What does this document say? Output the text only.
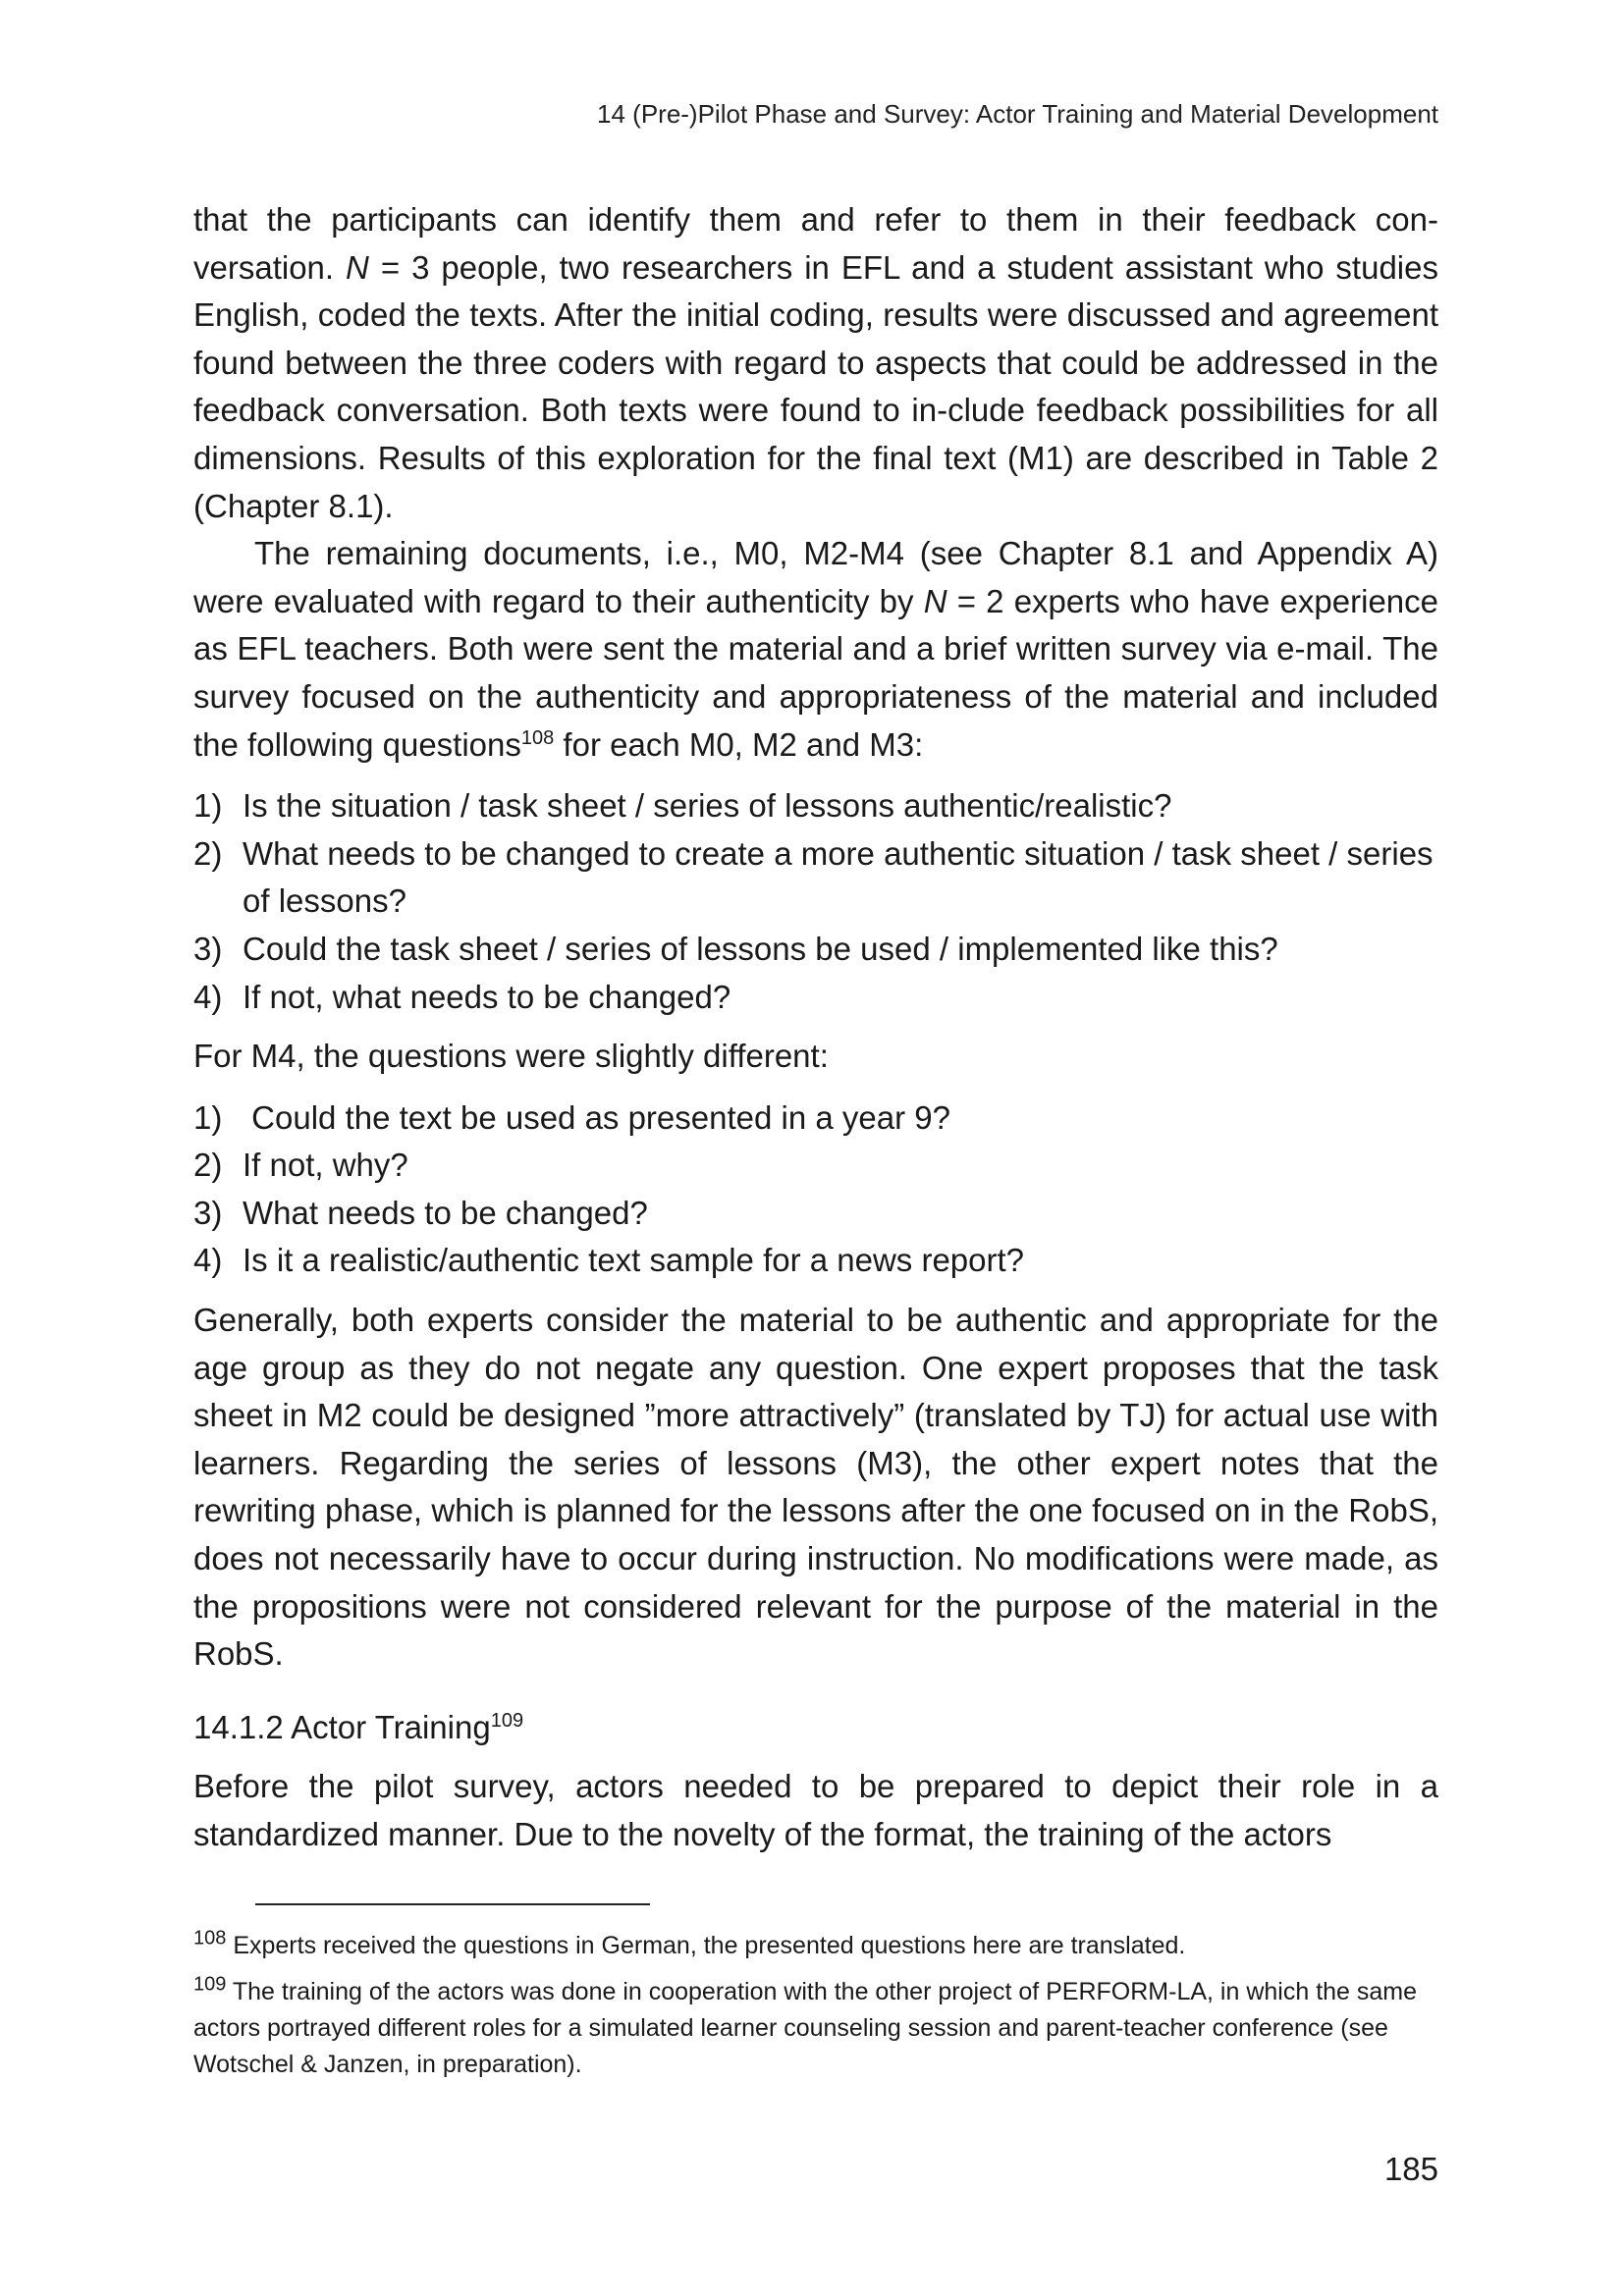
14 (Pre-)Pilot Phase and Survey: Actor Training and Material Development

that the participants can identify them and refer to them in their feedback con-versation. N = 3 people, two researchers in EFL and a student assistant who studies English, coded the texts. After the initial coding, results were discussed and agreement found between the three coders with regard to aspects that could be addressed in the feedback conversation. Both texts were found to in-clude feedback possibilities for all dimensions. Results of this exploration for the final text (M1) are described in Table 2 (Chapter 8.1).

The remaining documents, i.e., M0, M2-M4 (see Chapter 8.1 and Appendix A) were evaluated with regard to their authenticity by N = 2 experts who have experience as EFL teachers. Both were sent the material and a brief written survey via e-mail. The survey focused on the authenticity and appropriateness of the material and included the following questions$^{108}$ for each M0, M2 and M3:

1) Is the situation / task sheet / series of lessons authentic/realistic?
2) What needs to be changed to create a more authentic situation / task sheet / series of lessons?
3) Could the task sheet / series of lessons be used / implemented like this?
4) If not, what needs to be changed?

For M4, the questions were slightly different:

1) Could the text be used as presented in a year 9?
2) If not, why?
3) What needs to be changed?
4) Is it a realistic/authentic text sample for a news report?

Generally, both experts consider the material to be authentic and appropriate for the age group as they do not negate any question. One expert proposes that the task sheet in M2 could be designed ”more attractively” (translated by TJ) for actual use with learners. Regarding the series of lessons (M3), the other expert notes that the rewriting phase, which is planned for the lessons after the one focused on in the RobS, does not necessarily have to occur during instruction. No modifications were made, as the propositions were not considered relevant for the purpose of the material in the RobS.

14.1.2 Actor Training$^{109}$

Before the pilot survey, actors needed to be prepared to depict their role in a standardized manner. Due to the novelty of the format, the training of the actors

$^{108}$ Experts received the questions in German, the presented questions here are translated.

$^{109}$ The training of the actors was done in cooperation with the other project of PERFORM-LA, in which the same actors portrayed different roles for a simulated learner counseling session and parent-teacher conference (see Wotschel & Janzen, in preparation).

185
